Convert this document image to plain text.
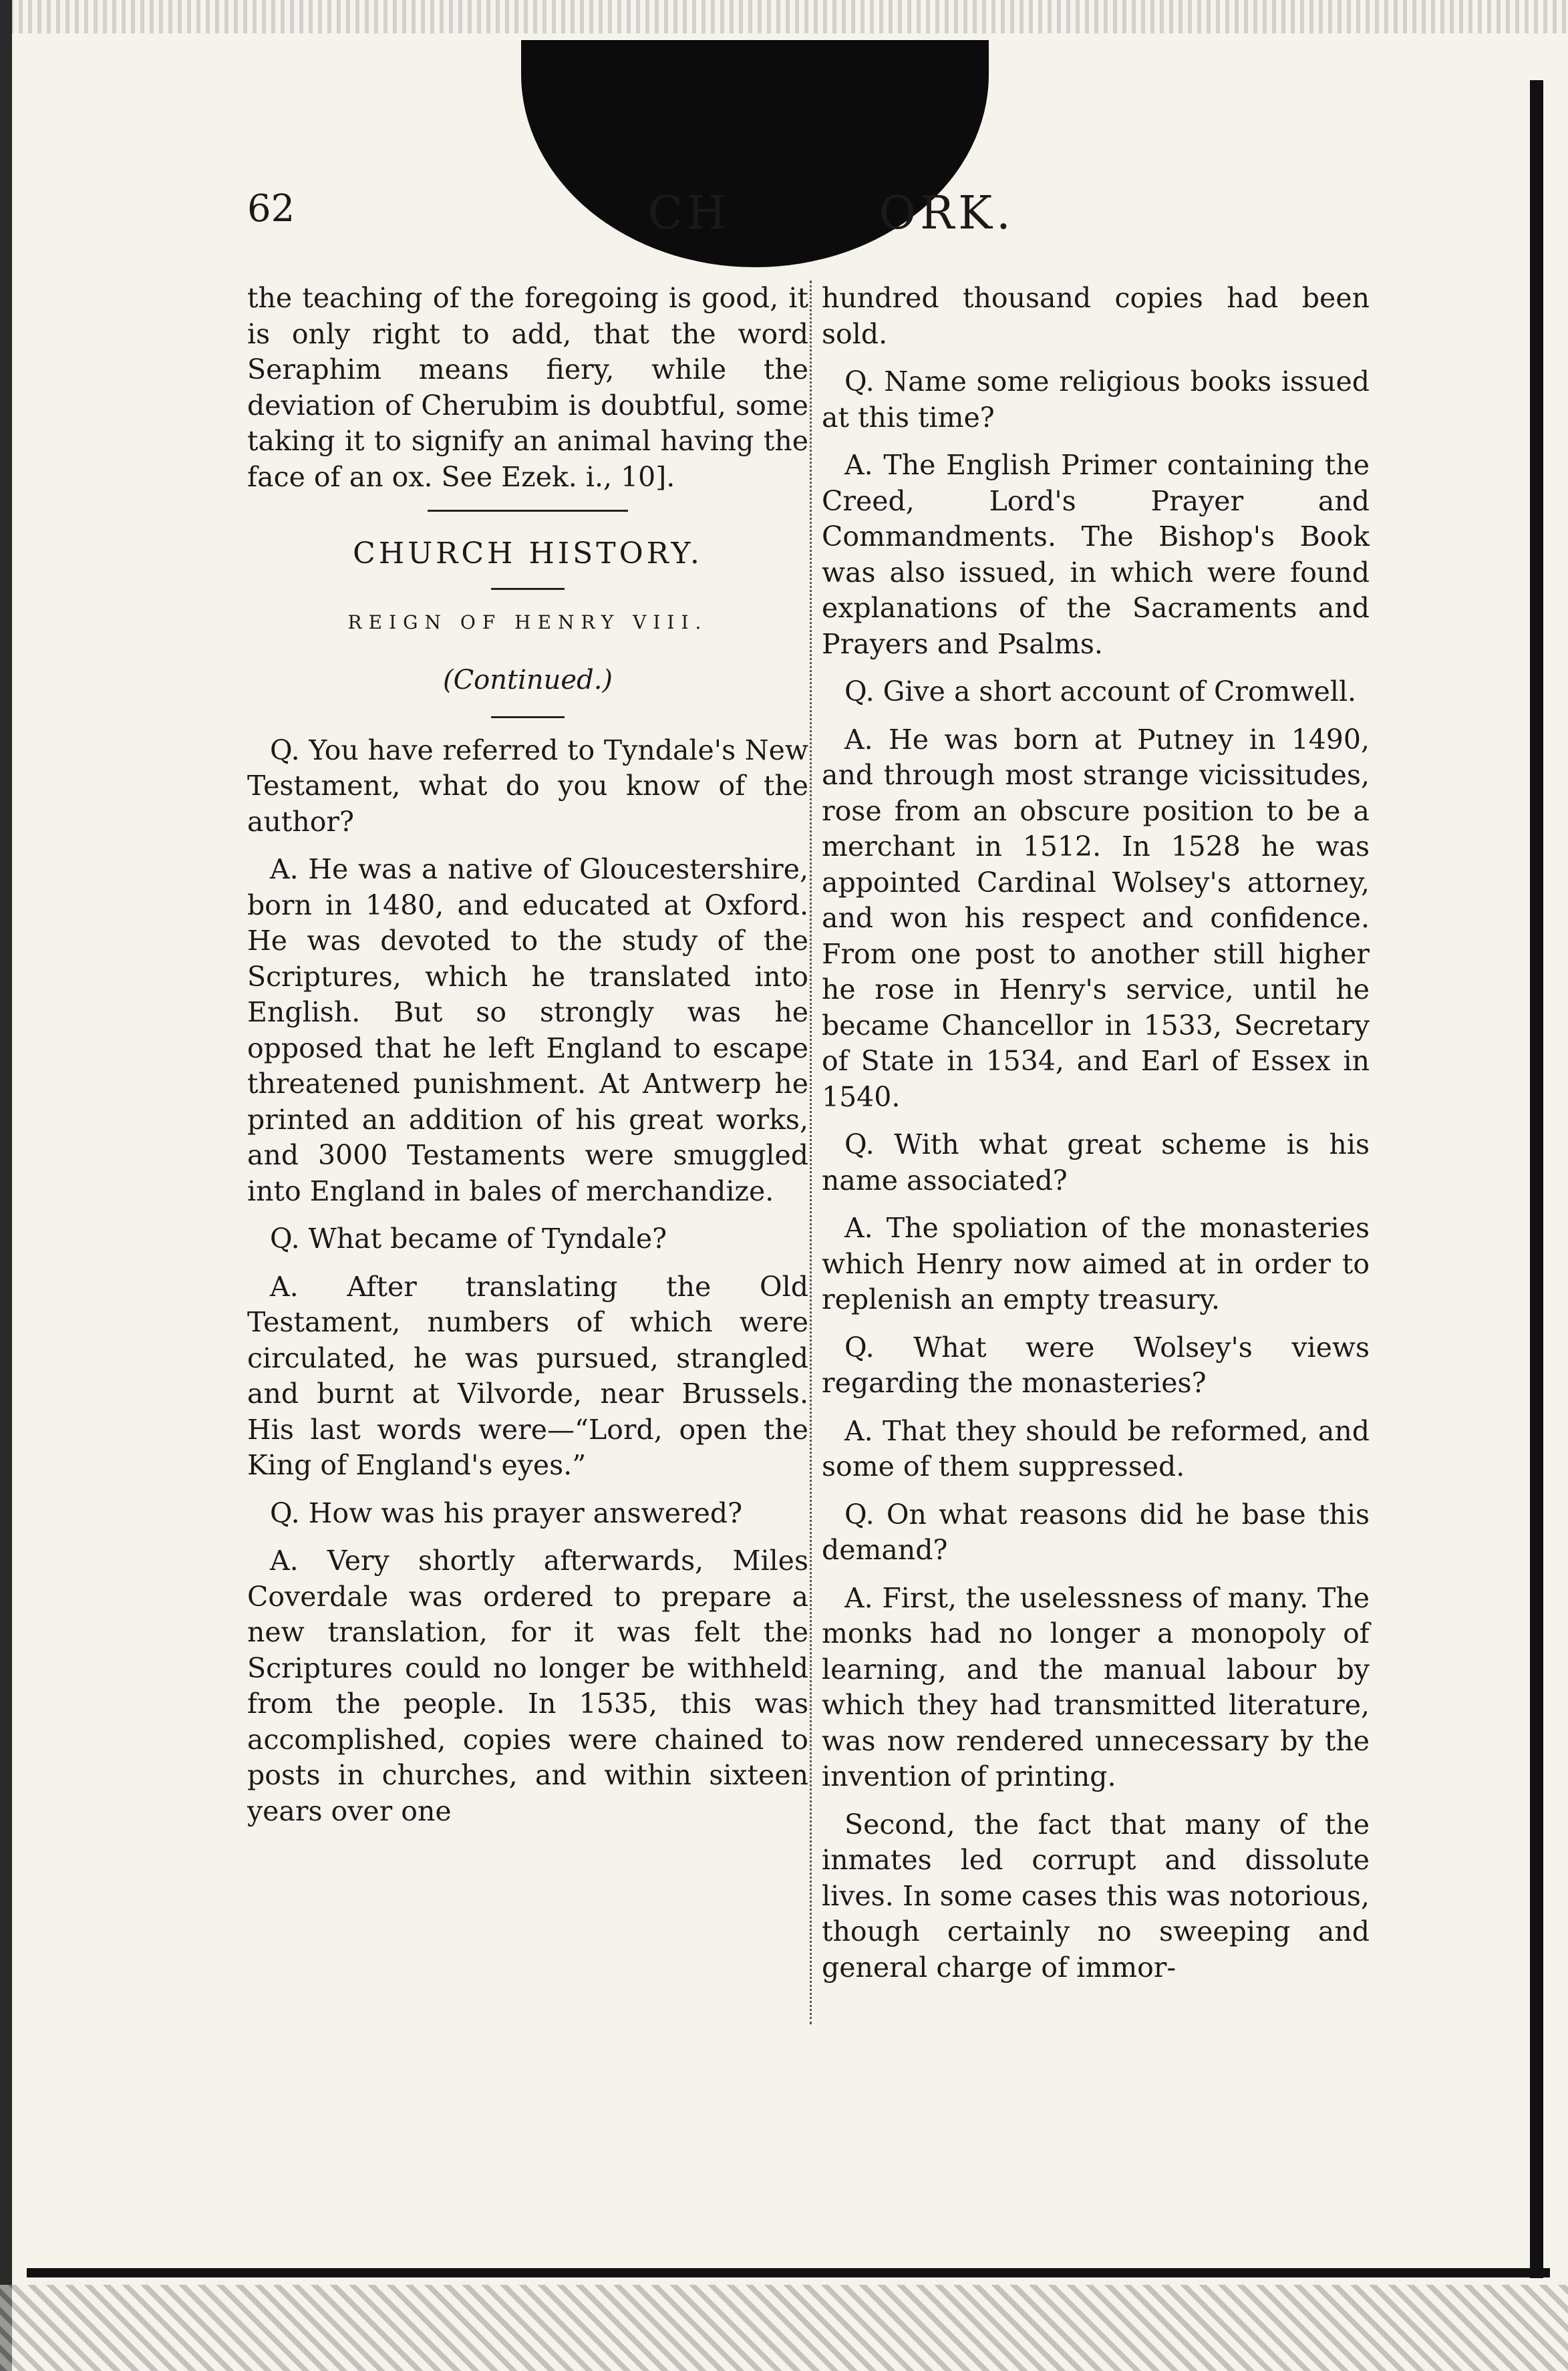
62	CH   ORK.

the teaching of the foregoing is good, it is only right to add, that the word Seraphim means fiery, while the deviation of Cherubim is doubtful, some taking it to signify an animal having the face of an ox. See Ezek. i., 10].

CHURCH HISTORY.
REIGN OF HENRY VIII.
(Continued.)

Q. You have referred to Tyndale's New Testament, what do you know of the author?

A. He was a native of Gloucestershire, born in 1480, and educated at Oxford. He was devoted to the study of the Scriptures, which he translated into English. But so strongly was he opposed that he left England to escape threatened punishment. At Antwerp he printed an addition of his great works, and 3000 Testaments were smuggled into England in bales of merchandize.

Q. What became of Tyndale?

A. After translating the Old Testament, numbers of which were circulated, he was pursued, strangled and burnt at Vilvorde, near Brussels. His last words were—“Lord, open the King of England's eyes.”

Q. How was his prayer answered?

A. Very shortly afterwards, Miles Coverdale was ordered to prepare a new translation, for it was felt the Scriptures could no longer be withheld from the people. In 1535, this was accomplished, copies were chained to posts in churches, and within sixteen years over one

hundred thousand copies had been sold.

Q. Name some religious books issued at this time?

A. The English Primer containing the Creed, Lord's Prayer and Commandments. The Bishop's Book was also issued, in which were found explanations of the Sacraments and Prayers and Psalms.

Q. Give a short account of Cromwell.

A. He was born at Putney in 1490, and through most strange vicissitudes, rose from an obscure position to be a merchant in 1512. In 1528 he was appointed Cardinal Wolsey's attorney, and won his respect and confidence. From one post to another still higher he rose in Henry's service, until he became Chancellor in 1533, Secretary of State in 1534, and Earl of Essex in 1540.

Q. With what great scheme is his name associated?

A. The spoliation of the monasteries which Henry now aimed at in order to replenish an empty treasury.

Q. What were Wolsey's views regarding the monasteries?

A. That they should be reformed, and some of them suppressed.

Q. On what reasons did he base this demand?

A. First, the uselessness of many. The monks had no longer a monopoly of learning, and the manual labour by which they had transmitted literature, was now rendered unnecessary by the invention of printing.

Second, the fact that many of the inmates led corrupt and dissolute lives. In some cases this was notorious, though certainly no sweeping and general charge of immor-
